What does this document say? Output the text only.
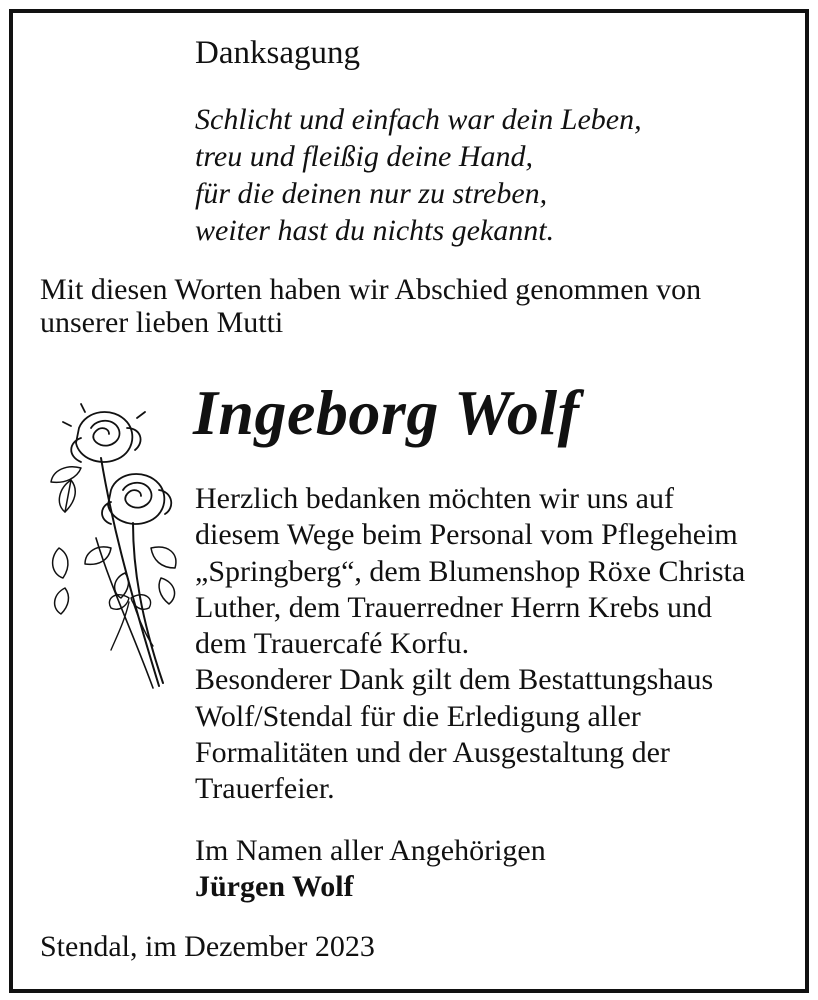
Danksagung
Schlicht und einfach war dein Leben,
treu und fleißig deine Hand,
für die deinen nur zu streben,
weiter hast du nichts gekannt.
Mit diesen Worten haben wir Abschied genommen von
unserer lieben Mutti
Ingeborg Wolf
Herzlich bedanken möchten wir uns auf
diesem Wege beim Personal vom Pflegeheim
„Springberg“, dem Blumenshop Röxe Christa
Luther, dem Trauerredner Herrn Krebs und
dem Trauercafé Korfu.
Besonderer Dank gilt dem Bestattungshaus
Wolf/Stendal für die Erledigung aller
Formalitäten und der Ausgestaltung der
Trauerfeier.
Im Namen aller Angehörigen
Jürgen Wolf
Stendal, im Dezember 2023
